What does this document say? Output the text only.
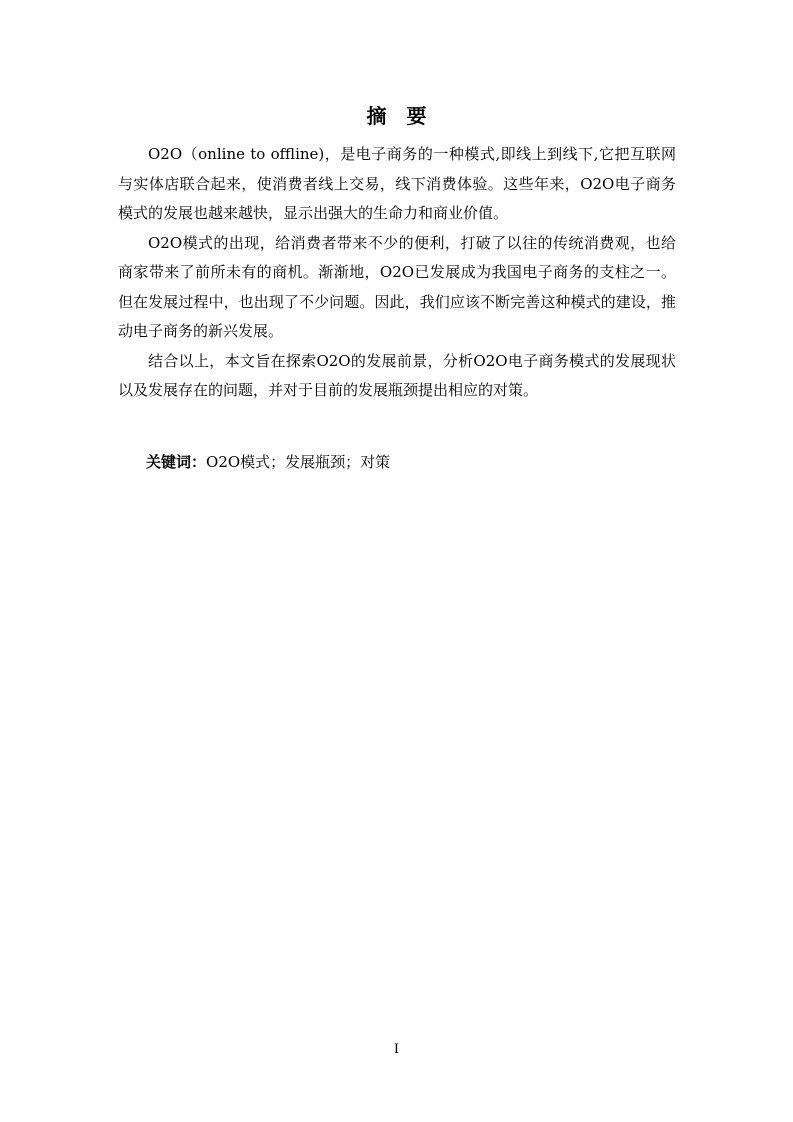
摘　要

O2O（online to offline)，是电子商务的一种模式,即线上到线下,它把互联网与实体店联合起来，使消费者线上交易，线下消费体验。这些年来，O2O电子商务模式的发展也越来越快，显示出强大的生命力和商业价值。

O2O模式的出现，给消费者带来不少的便利，打破了以往的传统消费观，也给商家带来了前所未有的商机。渐渐地，O2O已发展成为我国电子商务的支柱之一。但在发展过程中，也出现了不少问题。因此，我们应该不断完善这种模式的建设，推动电子商务的新兴发展。

结合以上，本文旨在探索O2O的发展前景，分析O2O电子商务模式的发展现状以及发展存在的问题，并对于目前的发展瓶颈提出相应的对策。

关键词：O2O模式；发展瓶颈；对策
I
